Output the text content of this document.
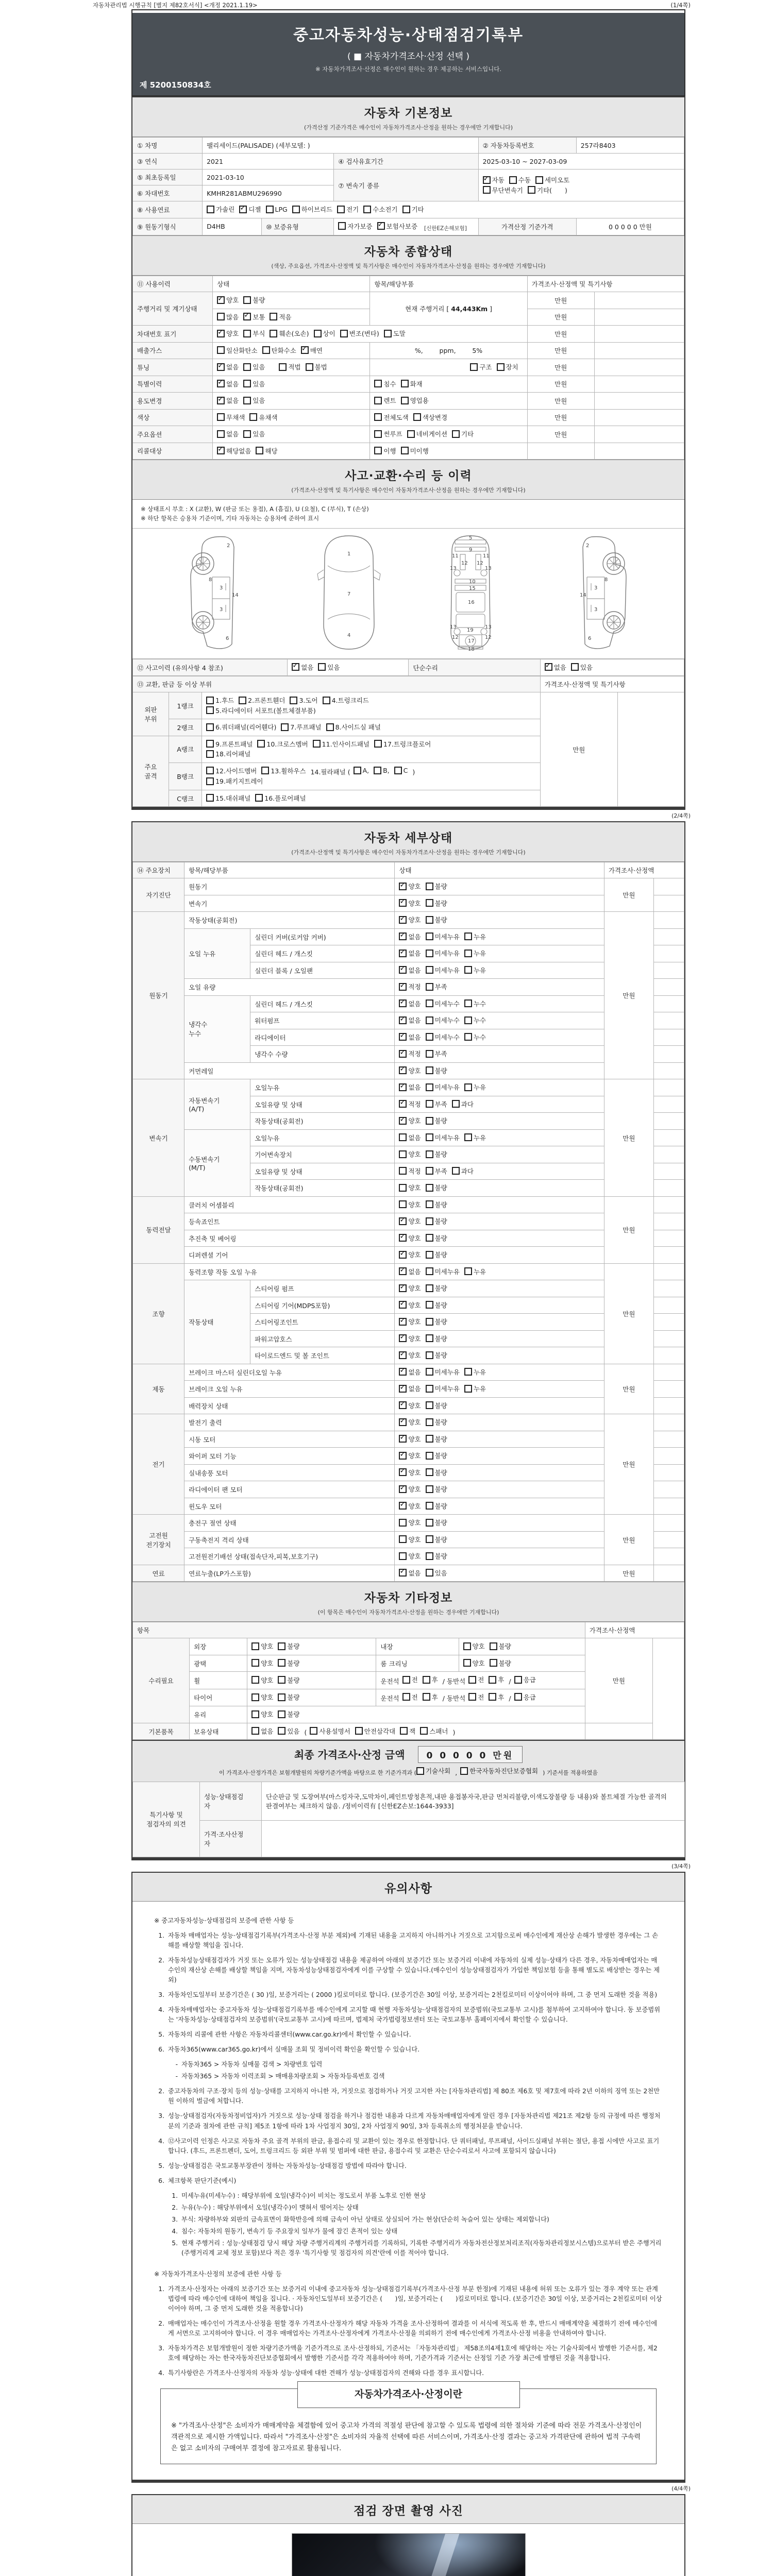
자동차관리법 시행규칙 [별지 제82호서식] <개정 2021.1.19>	(1/4쪽)
중고자동차성능·상태점검기록부
( ■ 자동차가격조사·산정 선택 )
※ 자동차가격조사·산정은 매수인이 원하는 경우 제공하는 서비스입니다.
제 5200150834호
자동차 기본정보
(가격산정 기준가격은 매수인이 자동차가격조사·산정을 원하는 경우에만 기재합니다)
① 차명	팰리세이드(PALISADE) (세부모델: )			② 자동차등록번호	257라8403
③ 연식	2021		④ 검사유효기간	2025-03-10 ~ 2027-03-09	
⑤ 최초등록일	2021-03-10		⑦ 변속기 종류	
✓
자동 수동 세미오토

무단변속기 기타(　　)

⑥ 차대번호	KMHR281ABMU296990				
⑧ 사용연료	가솔린 ✓ 디젤 LPG 하이브리드 전기 수소전기 기타

⑨ 원동기형식	D4HB	⑩ 보증유형	자가보증 ✓ 보험사보증 [신한EZ손해보험]	가격산정 기준가격	0 0 0 0 0 만원
자동차 종합상태
(색상, 주요옵션, 가격조사·산정액 및 특기사항은 매수인이 자동차가격조사·산정을 원하는 경우에만 기재합니다)
⑪ 사용이력	상태	항목/해당부품	가격조사·산정액 및 특기사항	
주행거리 및 계기상태	
✓
양호 불량	현재 주행거리 [ 44,443Km ]	만원	

	많음 ✓ 보통 적음		만원	
차대번호 표기	
✓양호 부식 훼손(오손) 상이 변조(변타) 도말	만원	
배출가스	일산화탄소 탄화수소 ✓ 매연	%,        ppm,        5%	만원	
튜닝	
✓없음 있음
적법 불법	구조 장치	만원	
특별이력	
✓없음 있음	침수 화재	만원	
용도변경	
✓없음 있음	렌트 영업용	만원	
색상	무채색 유채색	전체도색 색상변경	만원	
주요옵션	없음 있음	썬루프 네비게이션 기타	만원	
리콜대상	
✓해당없음 해당	이행 미이행		

사고·교환·수리 등 이력
(가격조사·산정액 및 특기사항은 매수인이 자동차가격조사·산정을 원하는 경우에만 기재합니다)
※ 상태표시 부호 : X (교환), W (판금 또는 용접), A (흠집), U (요철), C (부식), T (손상)
※ 하단 항목은 승용차 기준이며, 기타 자동차는 승용차에 준하여 표시
2
8
3
3
14
6
1
7
4
5
9
11	11
13	13
12 12
10
15
16
13	13
12	12
17
19
18
2
8
3
3
14
6
⑫ 사고이력 (유의사항 4 참조)	
✓없음 있음	단순수리	
✓없음 있음
⑬ 교환, 판금 등 이상 부위			가격조사·산정액 및 특기사항	
외판
부위	1랭크	1.후드 2.프론트휀더 3.도어 4.트렁크리드

5.라디에이터 서포트(볼트체결부품)	만원	
	2랭크	6.쿼더패널(리어휀다) 7.루프패널 8.사이드실 패널		

주요
골격	A랭크	9.프론트패널 10.크로스멤버 11.인사이드패널 17.트렁크플로어

18.리어패널		

B랭크	
12.사이드멤버 13.휠하우스 14.필라패널 ( A, B, C )

19.패키지트레이

	C랭크	15.대쉬패널 16.플로어패널		
(2/4쪽)
자동차 세부상태
(가격조사·산정액 및 특기사항은 매수인이 자동차가격조사·산정을 원하는 경우에만 기재합니다)
⑭ 주요장치	항목/해당부품		상태	가격조사·산정액	
자기진단	원동기	
✓양호 불량	만원	
	변속기	
✓양호 불량

원동기	작동상태(공회전)	
✓양호 불량	만원	
	오일 누유	실린더 커버(로커암 커버)	
✓없음 미세누유 누유

		실린더 헤드 / 개스킷	
✓없음 미세누유 누유

		실린더 블록 / 오일팬	
✓없음 미세누유 누유

	오일 유량	
✓적정 부족

	냉각수
누수	실린더 헤드 / 개스킷	
✓없음 미세누수 누수

		워터펌프	
✓없음 미세누수 누수

		라디에이터	
✓없음 미세누수 누수

		냉각수 수량	
✓적정 부족

	커먼레일	
✓양호 불량

변속기	자동변속기
(A/T)	오일누유	
✓없음 미세누유 누유	만원	
		오일유량 및 상태	
✓적정 부족 과다

		작동상태(공회전)	
✓양호 불량

	수동변속기
(M/T)	오일누유	없음 미세누유 누유		

		기어변속장치	양호 불량		

		오일유량 및 상태	적정 부족 과다		

		작동상태(공회전)	양호 불량		

동력전달	클러치 어셈블리		양호 불량	만원	
	등속죠인트	
✓양호 불량

	추진축 및 베어링	
✓양호 불량

	디퍼렌셜 기어	
✓양호 불량

조향	동력조향 작동 오일 누유	
✓없음 미세누유 누유	만원	
	작동상태	스티어링 펌프	
✓양호 불량

		스티어링 기어(MDPS포함)	
✓양호 불량

		스티어링조인트	
✓양호 불량

		파워고압호스	
✓양호 불량

		타이로드엔드 및 볼 조인트	
✓양호 불량

제동	브레이크 마스터 실린더오일 누유	
✓없음 미세누유 누유	만원	
	브레이크 오일 누유	
✓없음 미세누유 누유

	배력장치 상태	
✓양호 불량

전기	발전기 출력	
✓양호 불량	만원	
	시동 모터	
✓양호 불량

	와이퍼 모터 기능	
✓양호 불량

	실내송풍 모터	
✓양호 불량

	라디에이터 팬 모터	
✓양호 불량

	윈도우 모터	
✓양호 불량

고전원
전기장치	충전구 절연 상태		양호 불량	만원	
	구동축전지 격리 상태		양호 불량		

	고전원전기배선 상태(접속단자,피복,보호기구)		양호 불량		

연료	연료누출(LP가스포함)	
✓없음 있음	만원	
자동차 기타정보
(이 항목은 매수인이 자동차가격조사·산정을 원하는 경우에만 기재합니다)
항목					가격조사·산정액	
수리필요	외장	양호 불량	내장	양호 불량	만원	
	광택	양호 불량	룸 크리닝	양호 불량		

휠	양호 불량	운전석 전 후 / 동반석 전 후 / 응급

타이어	양호 불량	운전석 전 후 / 동반석 전 후 / 응급

	유리	양호 불량				

기본품목	보유상태	없음 있음 ( 사용설명서 안전삼각대 잭 스패너 )	
최종 가격조사·산정 금액 0 0 0 0 0 만원
이 가격조사·산정가격은 보험개발원의 차량기준가액을 바탕으로 한 기준가격과 ( 기술사회 , 한국자동차진단보증협회 ) 기준서를 적용하였음
특기사항 및
점검자의 의견	성능·상태점검
자	단순판금 및 도장여부(마스킹자국,도막차이,페인트방청흔적,내판 용접봉자국,판금 먼처리불량,이색도장불량 등 내용)와 볼트체결 가능한 골격의 판결여부는 체크하지 않음. /정비이력有 [신한EZ손보:1644-3933]
	가격·조사산정
자	
(3/4쪽)
유의사항
※ 중고자동차성능·상태점검의 보증에 관한 사항 등
1. 자동차 매매업자는 성능·상태점검기록부(가격조사·산정 부분 제외)에 기재된 내용을 고지하지 아니하거나 거짓으로 고지함으로써 매수인에게 재산상 손해가 발생한 경우에는 그 손해를 배상할 책임을 집니다.
2. 자동차성능상태점검자가 거짓 또는 오류가 있는 성능상태점검 내용을 제공하여 아래의 보증기간 또는 보증거리 이내에 자동차의 실제 성능·상태가 다른 경우, 자동차매매업자는 매수인의 재산상 손해를 배상할 책임을 지며, 자동차성능상태점검자에게 이를 구상할 수 있습니다.(매수인이 성능상태점검자가 가입한 책임보험 등을 통해 별도로 배상받는 경우는 제외)
3. 자동차인도일부터 보증기간은 ( 30 )일, 보증거리는 ( 2000 )킬로미터로 합니다. (보증기간은 30일 이상, 보증거리는 2천킬로미터 이상이어야 하며, 그 중 먼저 도래한 것을 적용)
4. 자동차매매업자는 중고자동차 성능·상태점검기록부를 매수인에게 고지할 때 현행 자동차성능·상태점검자의 보증범위(국토교통부 고시)를 첨부하여 고지하여야 합니다. 동 보증범위는 '자동차성능·상태점검자의 보증범위'(국토교통부 고시)에 따르며, 법제처 국가법령정보센터 또는 국토교통부 홈페이지에서 확인할 수 있습니다.
5. 자동차의 리콜에 관한 사항은 자동차리콜센터(www.car.go.kr)에서 확인할 수 있습니다.
6. 자동차365(www.car365.go.kr)에서 실매물 조회 및 정비이력 확인을 확인할 수 있습니다.
- 자동차365 > 자동차 실매물 검색 > 차량번호 입력
- 자동차365 > 자동차 이력조회 > 매매용차량조회 > 자동차등록번호 검색
2. 중고자동차의 구조·장치 등의 성능·상태를 고지하지 아니한 자, 거짓으로 점검하거나 거짓 고지한 자는 [자동차관리법] 제 80조 제6호 및 제7호에 따라 2년 이하의 징역 또는 2천만원 이하의 벌금에 처합니다.
3. 성능·상태점검자(자동차정비업자)가 거짓으로 성능·상태 점검을 하거나 점검한 내용과 다르게 자동차매매업자에게 알린 경우 [자동차관리법 제21조 제2항 등의 규정에 따른 행정처분의 기준과 절차에 관한 규칙] 제5조 1항에 따라 1차 사업정지 30일, 2차 사업정지 90일, 3차 등록취소의 행정처분을 받습니다.
4. ⑫사고이력 인정은 사고로 자동차 주요 골격 부위의 판금, 용접수리 및 교환이 있는 경우로 한정합니다. 단 쿼터패널, 루프패널, 사이드실패널 부위는 절단, 용접 시에만 사고로 표기합니다. (후드, 프론트펜더, 도어, 트렁크리드 등 외판 부위 및 범퍼에 대한 판금, 용접수리 및 교환은 단순수리로서 사고에 포함되지 않습니다)
5. 성능·상태점검은 국토교통부장관이 정하는 자동차성능·상태점검 방법에 따라야 합니다.
6. 체크항목 판단기준(예시)
1. 미세누유(미세누수) : 해당부위에 오일(냉각수)이 비치는 정도로서 부품 노후로 인한 현상
2. 누유(누수) : 해당부위에서 오일(냉각수)이 맺혀서 떨어지는 상태
3. 부식: 차량하부와 외판의 금속표면이 화학반응에 의해 금속이 아닌 상태로 상실되어 가는 현상(단순히 녹슬어 있는 상태는 제외합니다)
4. 침수: 자동차의 원동기, 변속기 등 주요장치 일부가 물에 잠긴 흔적이 있는 상태
5. 현재 주행거리 : 성능·상태점검 당시 해당 차량 주행거리계의 주행거리를 기록하되, 기록한 주행거리가 자동차전산정보처리조직(자동차관리정보시스템)으로부터 받은 주행거리(주행거리계 교체 정보 포함)보다 적은 경우 '특기사항 및 점검자의 의견'란에 이를 적어야 합니다.
※ 자동차가격조사·산정의 보증에 관한 사항 등
1. 가격조사·산정자는 아래의 보증기간 또는 보증거리 이내에 중고자동차 성능·상태점검기록부(가격조사·산정 부분 한정)에 기재된 내용에 허위 또는 오류가 있는 경우 계약 또는 관계법령에 따라 매수인에 대하여 책임을 집니다. · 자동차인도일부터 보증기간은 (　　)일, 보증거리는 (　　)킬로미터로 합니다. (보증기간은 30일 이상, 보증거리는 2천킬로미터 이상이어야 하며, 그 중 먼저 도래한 것을 적용합니다)
2. 매매업자는 매수인이 가격조사·산정을 원할 경우 가격조사·산정자가 해당 자동차 가격을 조사·산정하여 결과를 이 서식에 적도록 한 후, 반드시 매매계약을 체결하기 전에 매수인에게 서면으로 고지하여야 합니다. 이 경우 매매업자는 가격조사·산정자에게 가격조사·산정을 의뢰하기 전에 매수인에게 가격조사·산정 비용을 안내하여야 합니다.
3. 자동차가격은 보험개발원이 정한 차량기준가액을 기준가격으로 조사·산정하되, 기준서는 「자동차관리법」 제58조의4제1호에 해당하는 자는 기술사회에서 발행한 기준서를, 제2호에 해당하는 자는 한국자동차진단보증협회에서 발행한 기준서를 각각 적용하여야 하며, 기준가격과 기준서는 산정일 기준 가장 최근에 발행된 것을 적용합니다.
4. 특기사항란은 가격조사·산정자의 자동차 성능·상태에 대한 견해가 성능·상태점검자의 견해와 다를 경우 표시합니다.
자동차가격조사·산정이란
※ "가격조사·산정"은 소비자가 매매계약을 체결함에 있어 중고차 가격의 적절성 판단에 참고할 수 있도록 법령에 의한 절차와 기준에 따라 전문 가격조사·산정인이 객관적으로 제시한 가액입니다. 따라서 "가격조사·산정"은 소비자의 자율적 선택에 따른 서비스이며, 가격조사·산정 결과는 중고차 가격판단에 관하여 법적 구속력은 없고 소비자의 구매여부 결정에 참고자료로 활용됩니다.
(4/4쪽)
점검 장면 촬영 사진
